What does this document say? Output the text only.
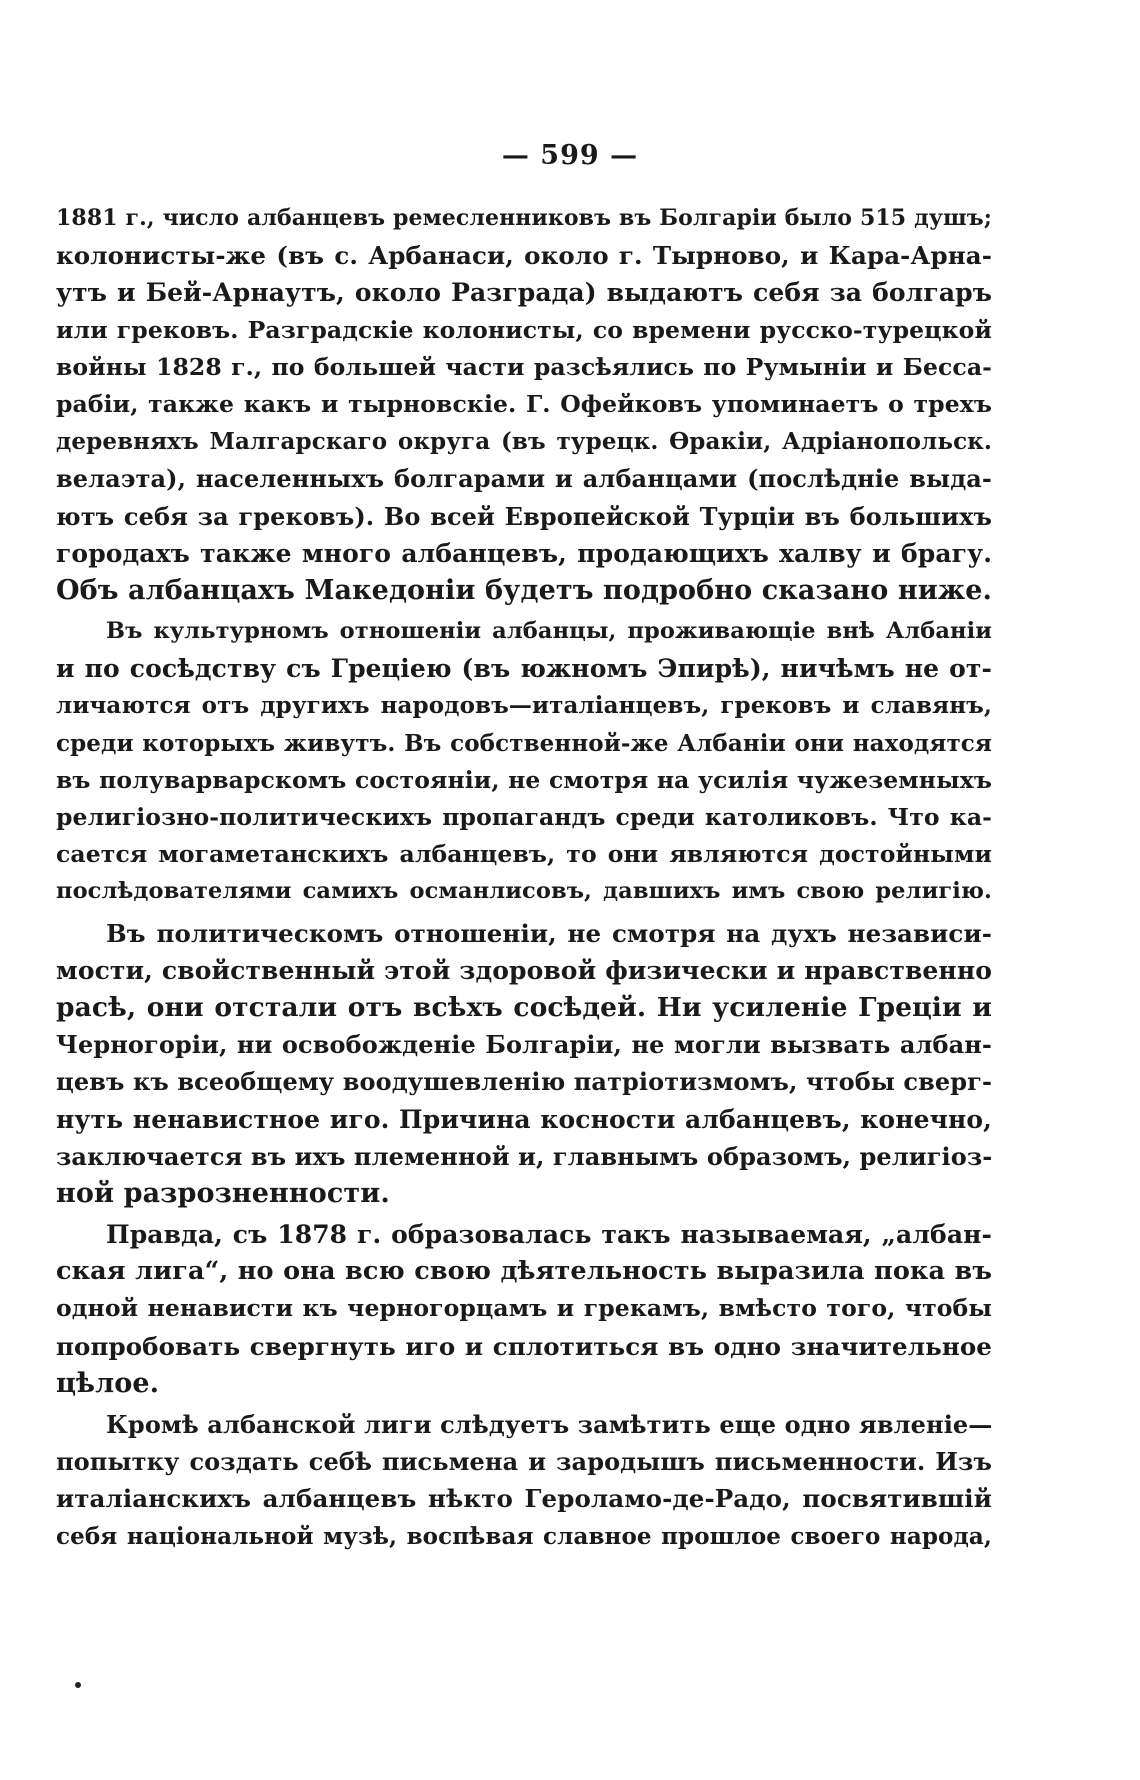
— 599 —
1881 г., число албанцевъ ремесленниковъ въ Болгаріи было 515 душъ;
колонисты-же (въ с. Арбанаси, около г. Тырново, и Кара-Арна-
утъ и Бей-Арнаутъ, около Разграда) выдаютъ себя за болгаръ
или грековъ. Разградскіе колонисты, со времени русско-турецкой
войны 1828 г., по большей части разсѣялись по Румыніи и Бесса-
рабіи, также какъ и тырновскіе. Г. Офейковъ упоминаетъ о трехъ
деревняхъ Малгарскаго округа (въ турецк. Ѳракіи, Адріанопольск.
велаэта), населенныхъ болгарами и албанцами (послѣдніе выда-
ютъ себя за грековъ). Во всей Европейской Турціи въ большихъ
городахъ также много албанцевъ, продающихъ халву и брагу.
Объ албанцахъ Македоніи будетъ подробно сказано ниже.
Въ культурномъ отношеніи албанцы, проживающіе внѣ Албаніи
и по сосѣдству съ Греціею (въ южномъ Эпирѣ), ничѣмъ не от-
личаются отъ другихъ народовъ—италіанцевъ, грековъ и славянъ,
среди которыхъ живутъ. Въ собственной-же Албаніи они находятся
въ полуварварскомъ состояніи, не смотря на усилія чужеземныхъ
религіозно-политическихъ пропагандъ среди католиковъ. Что ка-
сается могаметанскихъ албанцевъ, то они являются достойными
послѣдователями самихъ османлисовъ, давшихъ имъ свою религію.
Въ политическомъ отношеніи, не смотря на духъ независи-
мости, свойственный этой здоровой физически и нравственно
расѣ, они отстали отъ всѣхъ сосѣдей. Ни усиленіе Греціи и
Черногоріи, ни освобожденіе Болгаріи, не могли вызвать албан-
цевъ къ всеобщему воодушевленію патріотизмомъ, чтобы сверг-
нуть ненавистное иго. Причина косности албанцевъ, конечно,
заключается въ ихъ племенной и, главнымъ образомъ, религіоз-
ной разрозненности.
Правда, съ 1878 г. образовалась такъ называемая, „албан-
ская лига“, но она всю свою дѣятельность выразила пока въ
одной ненависти къ черногорцамъ и грекамъ, вмѣсто того, чтобы
попробовать свергнуть иго и сплотиться въ одно значительное
цѣлое.
Кромѣ албанской лиги слѣдуетъ замѣтить еще одно явленіе—
попытку создать себѣ письмена и зародышъ письменности. Изъ
италіанскихъ албанцевъ нѣкто Героламо-де-Радо, посвятившій
себя національной музѣ, воспѣвая славное прошлое своего народа,
